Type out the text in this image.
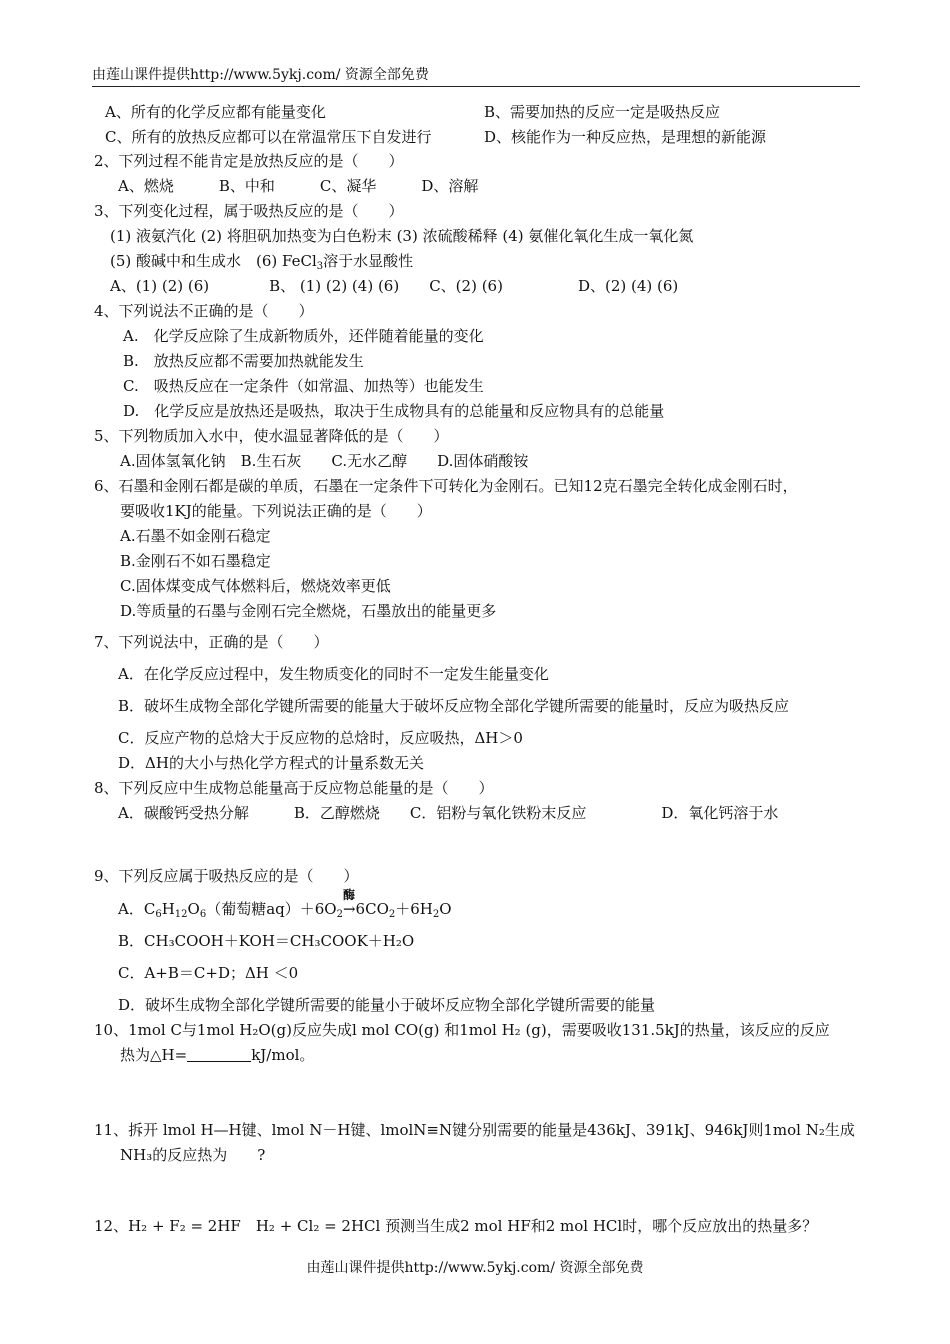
由莲山课件提供http://www.5ykj.com/ 资源全部免费
A、所有的化学反应都有能量变化	B、需要加热的反应一定是吸热反应
C、所有的放热反应都可以在常温常压下自发进行	D、核能作为一种反应热，是理想的新能源
2、下列过程不能肯定是放热反应的是（　　）
A、燃烧　　　B、中和　　　C、凝华　　　D、溶解
3、下列变化过程，属于吸热反应的是（　　）
(1) 液氨汽化 (2) 将胆矾加热变为白色粉末 (3) 浓硫酸稀释 (4) 氨催化氧化生成一氧化氮
(5) 酸碱中和生成水　(6) FeCl$_3$溶于水显酸性
A、(1) (2) (6)　　　　B、 (1) (2) (4) (6)　　C、(2) (6)　　　　　D、(2) (4) (6)
4、下列说法不正确的是（　　）
A.　化学反应除了生成新物质外，还伴随着能量的变化
B.　放热反应都不需要加热就能发生
C.　吸热反应在一定条件（如常温、加热等）也能发生
D.　化学反应是放热还是吸热，取决于生成物具有的总能量和反应物具有的总能量
5、下列物质加入水中，使水温显著降低的是（　　）
A.固体氢氧化钠　B.生石灰　　C.无水乙醇　　D.固体硝酸铵
6、石墨和金刚石都是碳的单质，石墨在一定条件下可转化为金刚石。已知12克石墨完全转化成金刚石时，
要吸收1KJ的能量。下列说法正确的是（　　）
A.石墨不如金刚石稳定
B.金刚石不如石墨稳定
C.固体煤变成气体燃料后，燃烧效率更低
D.等质量的石墨与金刚石完全燃烧，石墨放出的能量更多
7、下列说法中，正确的是（　　）
A．在化学反应过程中，发生物质变化的同时不一定发生能量变化
B．破坏生成物全部化学键所需要的能量大于破坏反应物全部化学键所需要的能量时，反应为吸热反应
C．反应产物的总焓大于反应物的总焓时，反应吸热，ΔH＞0
D．ΔH的大小与热化学方程式的计量系数无关
8、下列反应中生成物总能量高于反应物总能量的是（　　）
A．碳酸钙受热分解　　　B．乙醇燃烧　　C．铝粉与氧化铁粉末反应　　　　　D．氧化钙溶于水
9、下列反应属于吸热反应的是（　　）
A．$C_6H_{12}O_6$（葡萄糖$aq)+6O_2$
酶
$\to 6CO_2+6H_2O$
B．CH₃COOH＋KOH＝CH₃COOK＋H₂O
C．A+B＝C+D；ΔH ＜0
D．破坏生成物全部化学键所需要的能量小于破坏反应物全部化学键所需要的能量
10、1mol C与1mol H₂O(g)反应失成l mol CO(g) 和1mol H₂ (g)，需要吸收131.5kJ的热量，该反应的反应
热为△H=	kJ/mol。
11、拆开 lmol H—H键、lmol N－H键、lmolN≡N键分别需要的能量是436kJ、391kJ、946kJ则1mol N₂生成
NH₃的反应热为　　?
12、H₂ + F₂ = 2HF　H₂ + Cl₂ = 2HCl 预测当生成2 mol HF和2 mol HCl时，哪个反应放出的热量多？
由莲山课件提供http://www.5ykj.com/ 资源全部免费
